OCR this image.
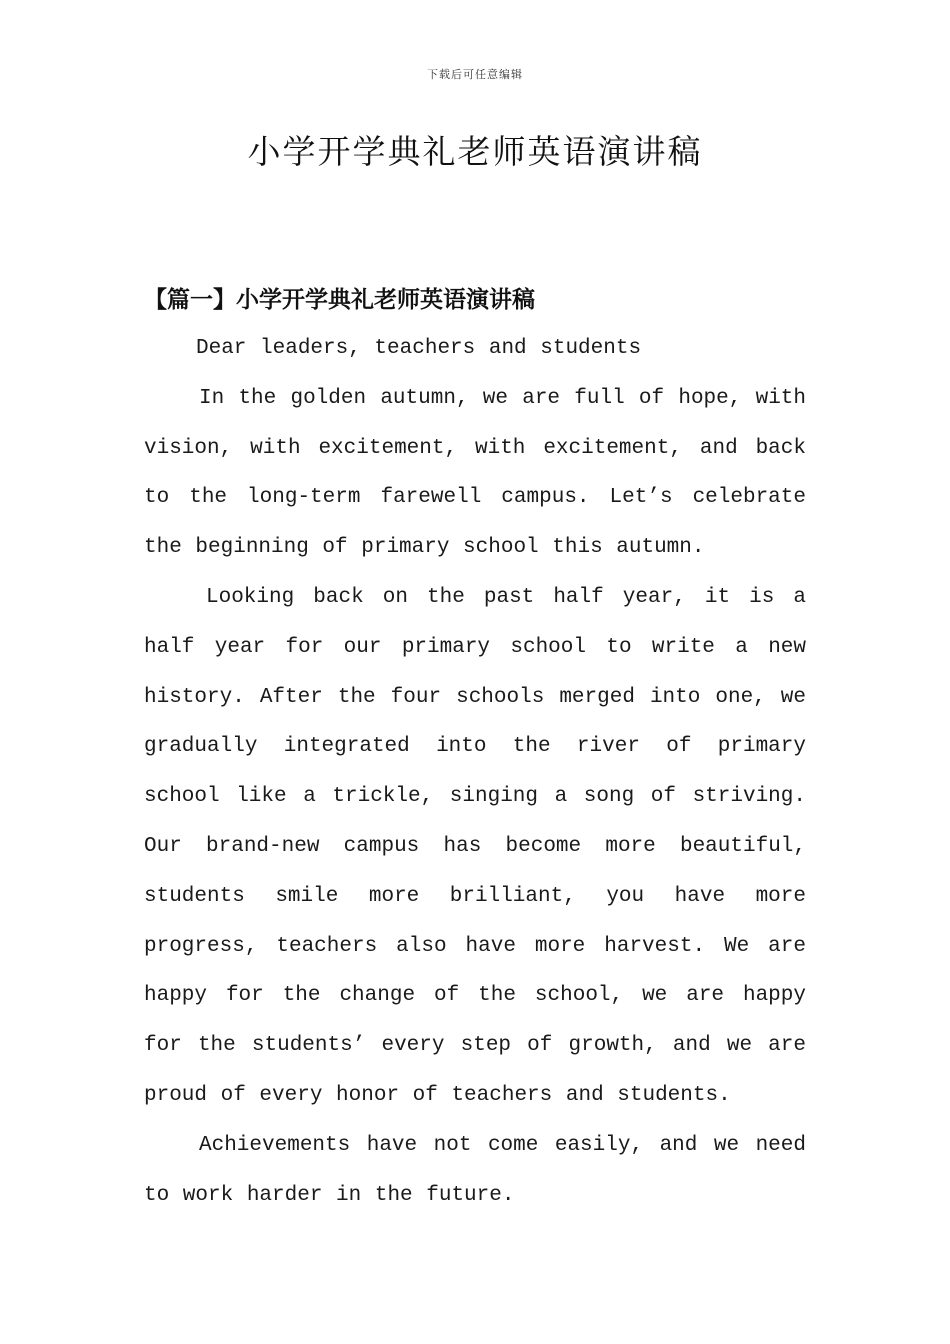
下载后可任意编辑
小学开学典礼老师英语演讲稿
【篇一】小学开学典礼老师英语演讲稿

Dear leaders, teachers and students

In the golden autumn, we are full of hope, with vision, with excitement, with excitement, and back to the long-term farewell campus. Let’s celebrate the beginning of primary school this autumn.

Looking back on the past half year, it is a half year for our primary school to write a new history. After the four schools merged into one, we gradually integrated into the river of primary school like a trickle, singing a song of striving. Our brand-new campus has become more beautiful, students smile more brilliant, you have more progress, teachers also have more harvest. We are happy for the change of the school, we are happy for the students’ every step of growth, and we are proud of every honor of teachers and students.

Achievements have not come easily, and we need to work harder in the future.
